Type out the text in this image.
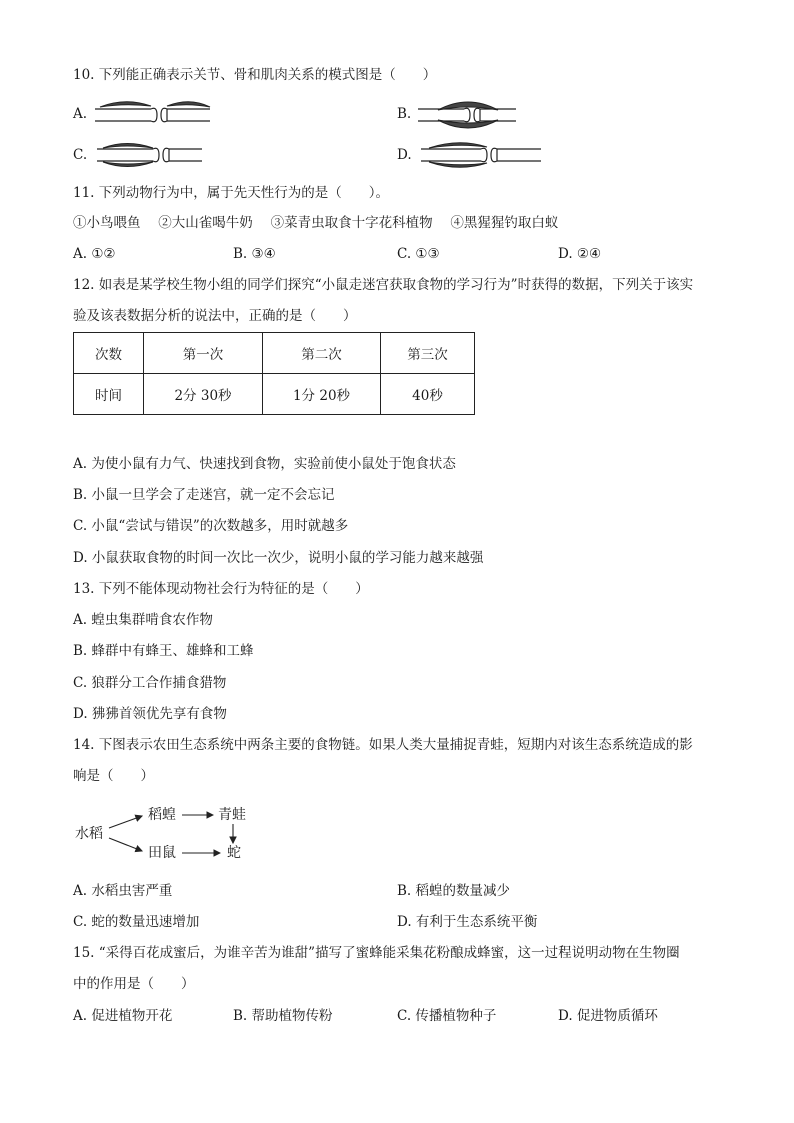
10. 下列能正确表示关节、骨和肌肉关系的模式图是（　　）
A.	B.
C.	D.
11. 下列动物行为中，属于先天性行为的是（　　）。
①小鸟喂鱼　 ②大山雀喝牛奶　 ③菜青虫取食十字花科植物　 ④黑猩猩钓取白蚁
A. ①②	B. ③④	C. ①③	D. ②④
12. 如表是某学校生物小组的同学们探究“小鼠走迷宫获取食物的学习行为”时获得的数据，下列关于该实
验及该表数据分析的说法中，正确的是（　　）
次数	第一次	第二次	第三次
时间	2分 30秒	1分 20秒	40秒
A. 为使小鼠有力气、快速找到食物，实验前使小鼠处于饱食状态
B. 小鼠一旦学会了走迷宫，就一定不会忘记
C. 小鼠“尝试与错误”的次数越多，用时就越多
D. 小鼠获取食物的时间一次比一次少，说明小鼠的学习能力越来越强
13. 下列不能体现动物社会行为特征的是（　　）
A. 蝗虫集群啃食农作物
B. 蜂群中有蜂王、雄蜂和工蜂
C. 狼群分工合作捕食猎物
D. 狒狒首领优先享有食物
14. 下图表示农田生态系统中两条主要的食物链。如果人类大量捕捉青蛙，短期内对该生态系统造成的影
响是（　　）
水稻
稻蝗	青蛙
田鼠	蛇
A. 水稻虫害严重	B. 稻蝗的数量减少
C. 蛇的数量迅速增加	D. 有利于生态系统平衡
15. “采得百花成蜜后，为谁辛苦为谁甜”描写了蜜蜂能采集花粉酿成蜂蜜，这一过程说明动物在生物圈
中的作用是（　　）
A. 促进植物开花	B. 帮助植物传粉	C. 传播植物种子	D. 促进物质循环
